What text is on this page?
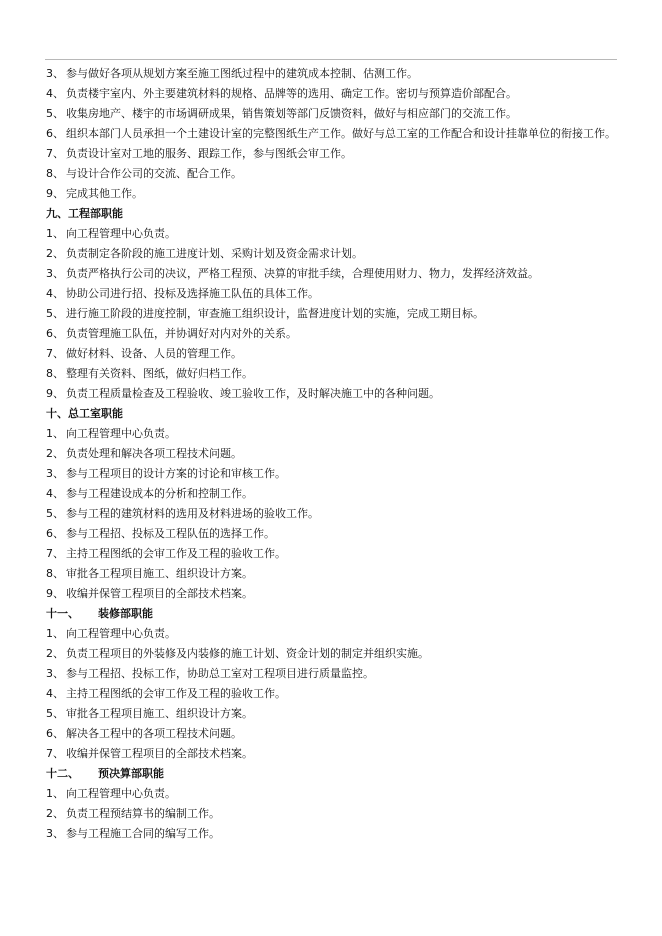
3、 参与做好各项从规划方案至施工图纸过程中的建筑成本控制、估测工作。
4、 负责楼宇室内、外主要建筑材料的规格、品牌等的选用、确定工作。密切与预算造价部配合。
5、 收集房地产、楼宇的市场调研成果，销售策划等部门反馈资料，做好与相应部门的交流工作。
6、 组织本部门人员承担一个土建设计室的完整图纸生产工作。做好与总工室的工作配合和设计挂靠单位的衔接工作。
7、 负责设计室对工地的服务、跟踪工作，参与图纸会审工作。
8、 与设计合作公司的交流、配合工作。
9、 完成其他工作。
九、工程部职能
1、 向工程管理中心负责。
2、 负责制定各阶段的施工进度计划、采购计划及资金需求计划。
3、 负责严格执行公司的决议，严格工程预、决算的审批手续，合理使用财力、物力，发挥经济效益。
4、 协助公司进行招、投标及选择施工队伍的具体工作。
5、 进行施工阶段的进度控制，审查施工组织设计，监督进度计划的实施，完成工期目标。
6、 负责管理施工队伍，并协调好对内对外的关系。
7、 做好材料、设备、人员的管理工作。
8、 整理有关资料、图纸，做好归档工作。
9、 负责工程质量检查及工程验收、竣工验收工作，及时解决施工中的各种问题。
十、总工室职能
1、 向工程管理中心负责。
2、 负责处理和解决各项工程技术问题。
3、 参与工程项目的设计方案的讨论和审核工作。
4、 参与工程建设成本的分析和控制工作。
5、 参与工程的建筑材料的选用及材料进场的验收工作。
6、 参与工程招、投标及工程队伍的选择工作。
7、 主持工程图纸的会审工作及工程的验收工作。
8、 审批各工程项目施工、组织设计方案。
9、 收编并保管工程项目的全部技术档案。
十一、 装修部职能
1、 向工程管理中心负责。
2、 负责工程项目的外装修及内装修的施工计划、资金计划的制定并组织实施。
3、 参与工程招、投标工作，协助总工室对工程项目进行质量监控。
4、 主持工程图纸的会审工作及工程的验收工作。
5、 审批各工程项目施工、组织设计方案。
6、 解决各工程中的各项工程技术问题。
7、 收编并保管工程项目的全部技术档案。
十二、 预决算部职能
1、 向工程管理中心负责。
2、 负责工程预结算书的编制工作。
3、 参与工程施工合同的编写工作。
